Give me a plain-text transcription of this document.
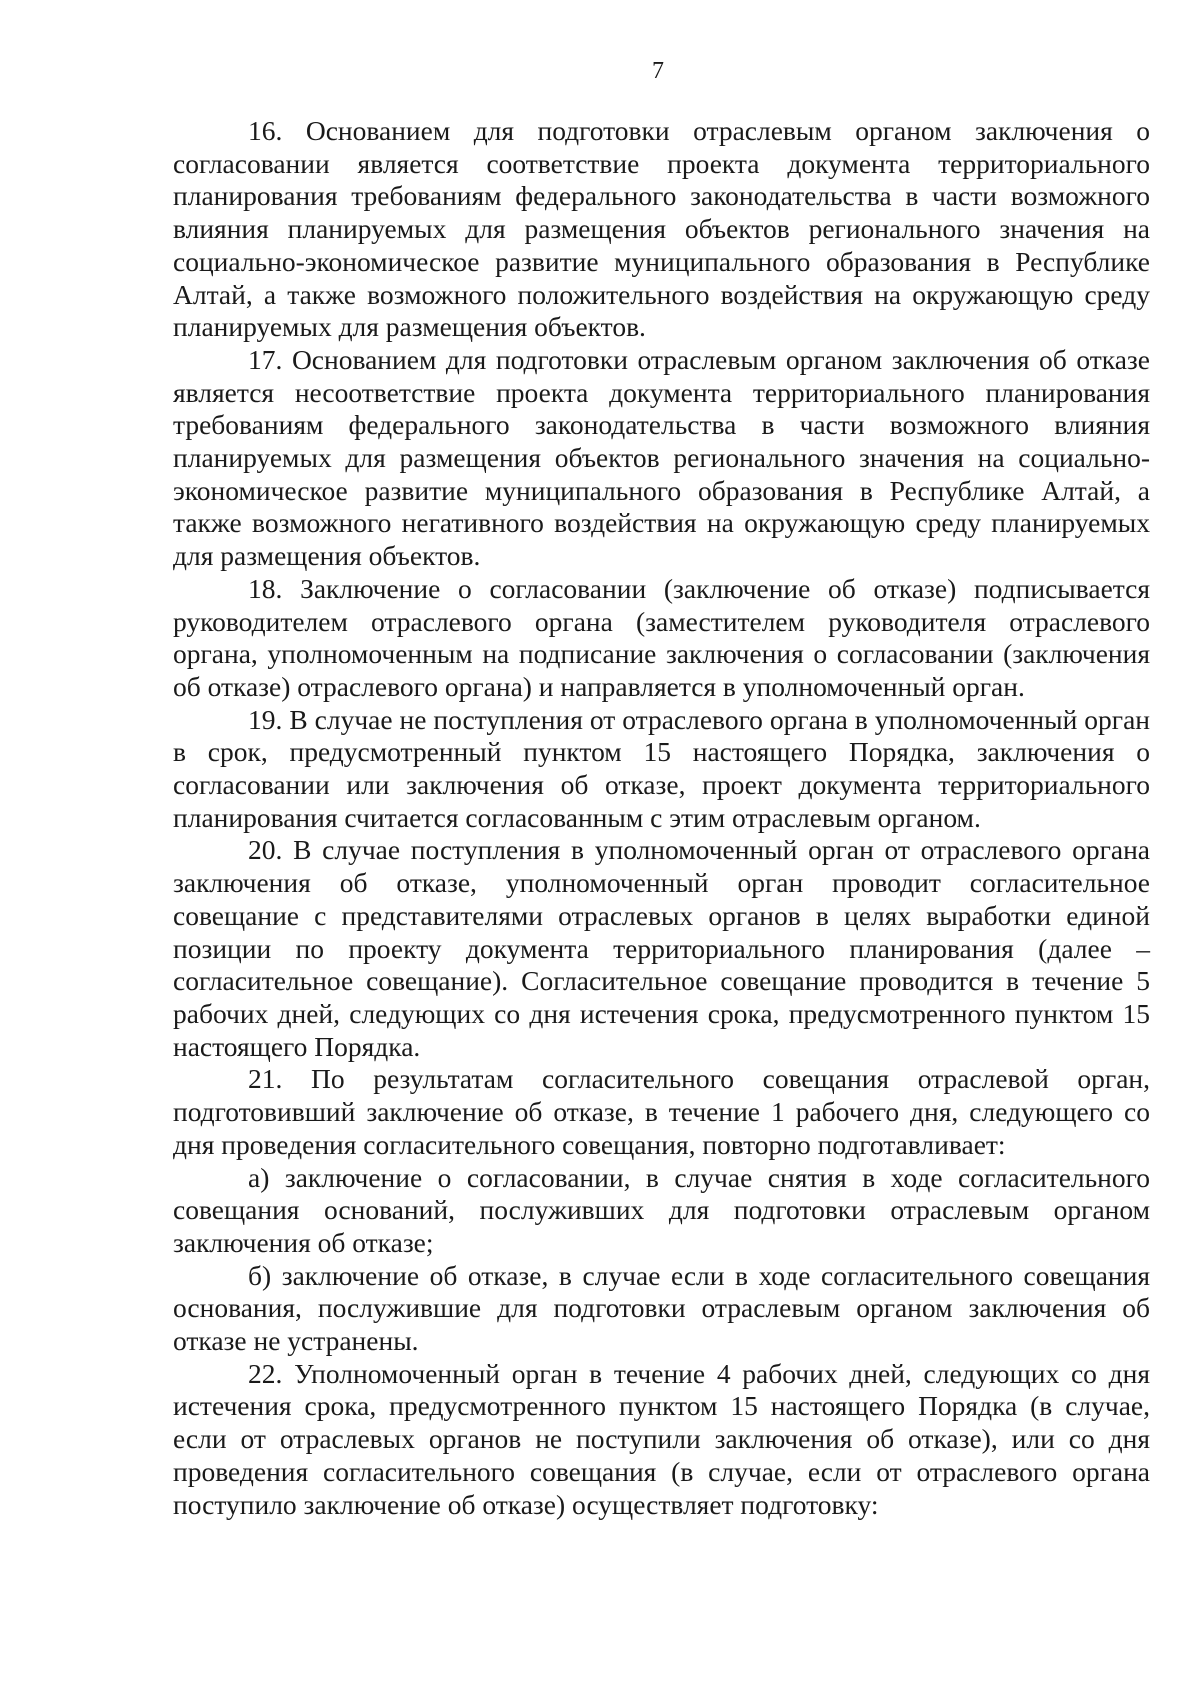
7

16. Основанием для подготовки отраслевым органом заключения о согласовании является соответствие проекта документа территориального планирования требованиям федерального законодательства в части возможного влияния планируемых для размещения объектов регионального значения на социально-экономическое развитие муниципального образования в Республике Алтай, а также возможного положительного воздействия на окружающую среду планируемых для размещения объектов.

17. Основанием для подготовки отраслевым органом заключения об отказе является несоответствие проекта документа территориального планирования требованиям федерального законодательства в части возможного влияния планируемых для размещения объектов регионального значения на социально-экономическое развитие муниципального образования в Республике Алтай, а также возможного негативного воздействия на окружающую среду планируемых для размещения объектов.

18. Заключение о согласовании (заключение об отказе) подписывается руководителем отраслевого органа (заместителем руководителя отраслевого органа, уполномоченным на подписание заключения о согласовании (заключения об отказе) отраслевого органа) и направляется в уполномоченный орган.

19. В случае не поступления от отраслевого органа в уполномоченный орган в срок, предусмотренный пунктом 15 настоящего Порядка, заключения о согласовании или заключения об отказе, проект документа территориального планирования считается согласованным с этим отраслевым органом.

20. В случае поступления в уполномоченный орган от отраслевого органа заключения об отказе, уполномоченный орган проводит согласительное совещание с представителями отраслевых органов в целях выработки единой позиции по проекту документа территориального планирования (далее – согласительное совещание). Согласительное совещание проводится в течение 5 рабочих дней, следующих со дня истечения срока, предусмотренного пунктом 15 настоящего Порядка.

21. По результатам согласительного совещания отраслевой орган, подготовивший заключение об отказе, в течение 1 рабочего дня, следующего со дня проведения согласительного совещания, повторно подготавливает:

а) заключение о согласовании, в случае снятия в ходе согласительного совещания оснований, послуживших для подготовки отраслевым органом заключения об отказе;

б) заключение об отказе, в случае если в ходе согласительного совещания основания, послужившие для подготовки отраслевым органом заключения об отказе не устранены.

22. Уполномоченный орган в течение 4 рабочих дней, следующих со дня истечения срока, предусмотренного пунктом 15 настоящего Порядка (в случае, если от отраслевых органов не поступили заключения об отказе), или со дня проведения согласительного совещания (в случае, если от отраслевого органа поступило заключение об отказе) осуществляет подготовку:
